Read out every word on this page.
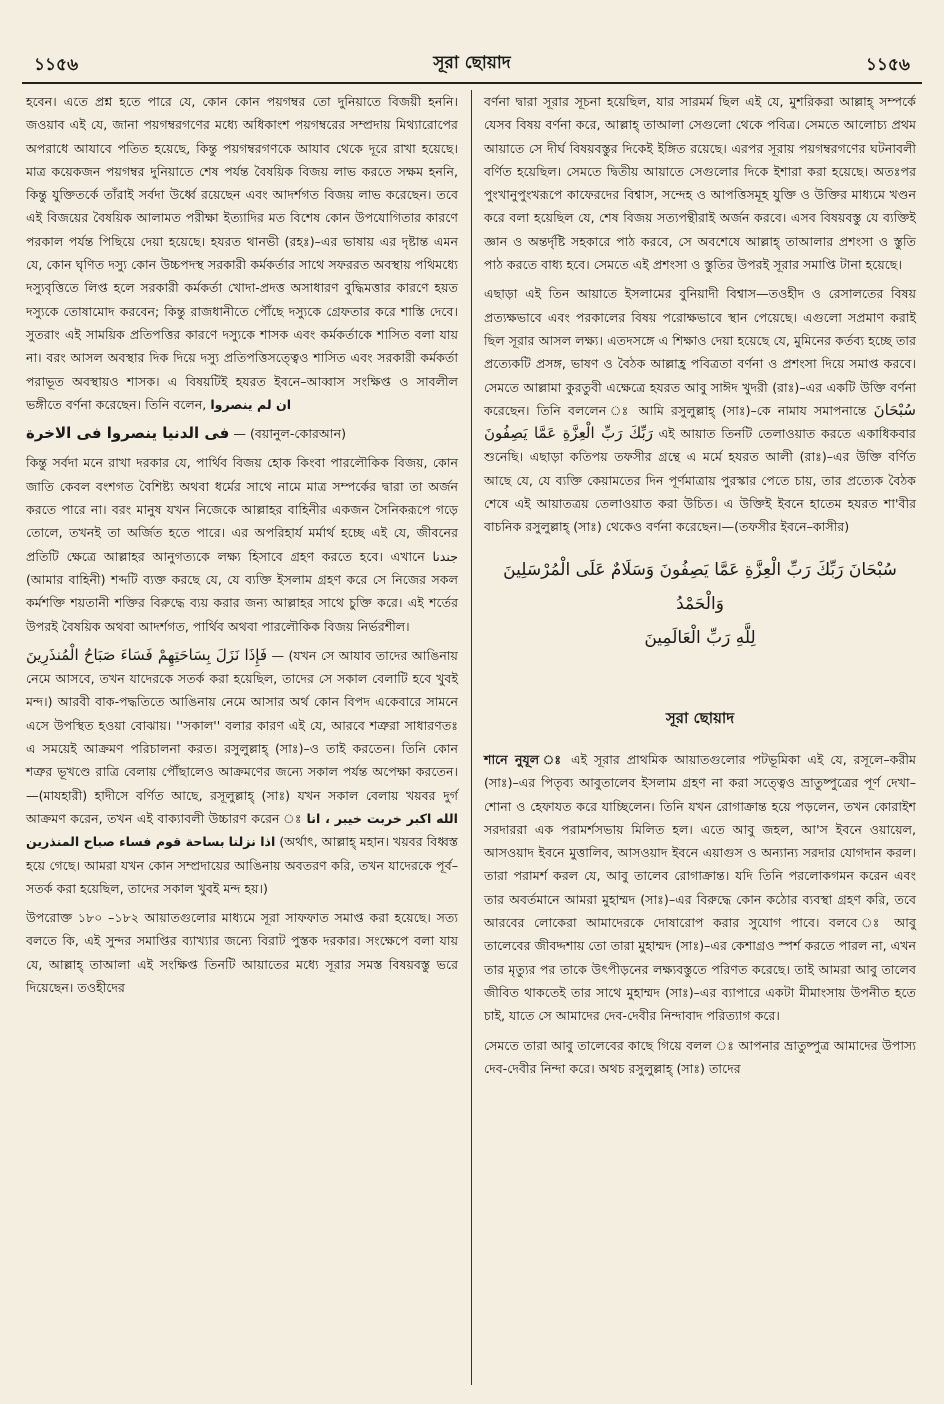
১১৫৬	সূরা ছোয়াদ	১১৫৬

হবেন। এতে প্রশ্ন হতে পারে যে, কোন কোন পয়গম্বর তো দুনিয়াতে বিজয়ী হননি। জওয়াব এই যে, জানা পয়গম্বরগণের মধ্যে অধিকাংশ পয়গম্বরের সম্প্রদায় মিথ্যারোপের অপরাধে আযাবে পতিত হয়েছে, কিন্তু পয়গম্বরগণকে আযাব থেকে দূরে রাখা হয়েছে। মাত্র কয়েকজন পয়গম্বর দুনিয়াতে শেষ পর্যন্ত বৈষয়িক বিজয় লাভ করতে সক্ষম হননি, কিন্তু যুক্তিতর্কে তাঁরাই সর্বদা উর্ধ্বে রয়েছেন এবং আদর্শগত বিজয় লাভ করেছেন। তবে এই বিজয়ের বৈষয়িক আলামত পরীক্ষা ইত্যাদির মত বিশেষ কোন উপযোগিতার কারণে পরকাল পর্যন্ত পিছিয়ে দেয়া হয়েছে। হযরত থানভী (রহঃ)–এর ভাষায় এর দৃষ্টান্ত এমন যে, কোন ঘৃণিত দস্যু কোন উচ্চপদস্থ সরকারী কর্মকর্তার সাথে সফররত অবস্থায় পথিমধ্যে দস্যুবৃত্তিতে লিপ্ত হলে সরকারী কর্মকর্তা খোদা-প্রদত্ত অসাধারণ বুদ্ধিমত্তার কারণে হয়ত দস্যুকে তোষামোদ করবেন; কিন্তু রাজধানীতে পৌঁছে দস্যুকে গ্রেফতার করে শাস্তি দেবে। সুতরাং এই সাময়িক প্রতিপত্তির কারণে দস্যুকে শাসক এবং কর্মকর্তাকে শাসিত বলা যায় না। বরং আসল অবস্থার দিক দিয়ে দস্যু প্রতিপত্তিসত্ত্বেও শাসিত এবং সরকারী কর্মকর্তা পরাভূত অবস্থায়ও শাসক। এ বিষয়টিই হযরত ইবনে–আব্বাস সংক্ষিপ্ত ও সাবলীল ভঙ্গীতে বর্ণনা করেছেন। তিনি বলেন, ان لم ينصروا

فى الدنيا ينصروا فى الاخرة — (বয়ানুল-কোরআন)

কিন্তু সর্বদা মনে রাখা দরকার যে, পার্থিব বিজয় হোক কিংবা পারলৌকিক বিজয়, কোন জাতি কেবল বংশগত বৈশিষ্ট্য অথবা ধর্মের সাথে নামে মাত্র সম্পর্কের দ্বারা তা অর্জন করতে পারে না। বরং মানুষ যখন নিজেকে আল্লাহর বাহিনীর একজন সৈনিকরূপে গড়ে তোলে, তখনই তা অর্জিত হতে পারে। এর অপরিহার্য মর্মার্থ হচ্ছে এই যে, জীবনের প্রতিটি ক্ষেত্রে আল্লাহর আনুগত্যকে লক্ষ্য হিসাবে গ্রহণ করতে হবে। এখানে جندنا (আমার বাহিনী) শব্দটি ব্যক্ত করছে যে, যে ব্যক্তি ইসলাম গ্রহণ করে সে নিজের সকল কর্মশক্তি শয়তানী শক্তির বিরুদ্ধে ব্যয় করার জন্য আল্লাহর সাথে চুক্তি করে। এই শর্তের উপরই বৈষয়িক অথবা আদর্শগত, পার্থিব অথবা পারলৌকিক বিজয় নির্ভরশীল।

فَإِذَا نَزَلَ بِسَاحَتِهِمْ فَسَاءَ صَبَاحُ الْمُنذَرِينَ — (যখন সে আযাব তাদের আঙিনায় নেমে আসবে, তখন যাদেরকে সতর্ক করা হয়েছিল, তাদের সে সকাল বেলাটি হবে খুবই মন্দ।) আরবী বাক-পদ্ধতিতে আঙিনায় নেমে আসার অর্থ কোন বিপদ একেবারে সামনে এসে উপস্থিত হওয়া বোঝায়। ''সকাল'' বলার কারণ এই যে, আরবে শত্রুরা সাধারণতঃ এ সময়েই আক্রমণ পরিচালনা করত। রসুলুল্লাহ্ (সাঃ)–ও তাই করতেন। তিনি কোন শত্রুর ভূখণ্ডে রাত্রি বেলায় পৌঁছালেও আক্রমণের জন্যে সকাল পর্যন্ত অপেক্ষা করতেন।—(মাযহারী) হাদীসে বর্ণিত আছে, রসূলুল্লাহ্ (সাঃ) যখন সকাল বেলায় খয়বর দুর্গ আক্রমণ করেন, তখন এই বাক্যাবলী উচ্চারণ করেন ঃ الله اكبر خربت خيبر ، انا اذا نزلنا بساحة قوم فساء صباح المنذرين	(অর্থাৎ, আল্লাহ্ মহান। খয়বর বিধ্বস্ত হয়ে গেছে। আমরা যখন কোন সম্প্রদায়ের আঙিনায় অবতরণ করি, তখন যাদেরকে পূর্ব–সতর্ক করা হয়েছিল, তাদের সকাল খুবই মন্দ হয়।)

উপরোক্ত ১৮০ –১৮২ আয়াতগুলোর মাধ্যমে সূরা সাফফাত সমাপ্ত করা হয়েছে। সত্য বলতে কি, এই সুন্দর সমাপ্তির ব্যাখ্যার জন্যে বিরাট পুস্তক দরকার। সংক্ষেপে বলা যায় যে, আল্লাহ্ তাআলা এই সংক্ষিপ্ত তিনটি আয়াতের মধ্যে সূরার সমস্ত বিষয়বস্তু ভরে দিয়েছেন। তওহীদের

বর্ণনা দ্বারা সূরার সূচনা হয়েছিল, যার সারমর্ম ছিল এই যে, মুশরিকরা আল্লাহ্ সম্পর্কে যেসব বিষয় বর্ণনা করে, আল্লাহ্ তাআলা সেগুলো থেকে পবিত্র। সেমতে আলোচ্য প্রথম আয়াতে সে দীর্ঘ বিষয়বস্তুর দিকেই ইঙ্গিত রয়েছে। এরপর সূরায় পয়গম্বরগণের ঘটনাবলী বর্ণিত হয়েছিল। সেমতে দ্বিতীয় আয়াতে সেগুলোর দিকে ইশারা করা হয়েছে। অতঃপর পুংখানুপুংখরূপে কাফেরদের বিশ্বাস, সন্দেহ ও আপত্তিসমূহ যুক্তি ও উক্তির মাধ্যমে খণ্ডন করে বলা হয়েছিল যে, শেষ বিজয় সত্যপন্থীরাই অর্জন করবে। এসব বিষয়বস্তু যে ব্যক্তিই জ্ঞান ও অন্তর্দৃষ্টি সহকারে পাঠ করবে, সে অবশেষে আল্লাহ্ তাআলার প্রশংসা ও স্তুতি পাঠ করতে বাধ্য হবে। সেমতে এই প্রশংসা ও স্তুতির উপরই সূরার সমাপ্তি টানা হয়েছে।

এছাড়া এই তিন আয়াতে ইসলামের বুনিয়াদী বিশ্বাস—তওহীদ ও রেসালতের বিষয় প্রত্যক্ষভাবে এবং পরকালের বিষয় পরোক্ষভাবে স্থান পেয়েছে। এগুলো সপ্রমাণ করাই ছিল সূরার আসল লক্ষ্য। এতদসঙ্গে এ শিক্ষাও দেয়া হয়েছে যে, মুমিনের কর্তব্য হচ্ছে তার প্রত্যেকটি প্রসঙ্গ, ভাষণ ও বৈঠক আল্লাহ্র পবিত্রতা বর্ণনা ও প্রশংসা দিয়ে সমাপ্ত করবে। সেমতে আল্লামা কুরতুবী এক্ষেত্রে হযরত আবু সাঈদ খুদরী (রাঃ)–এর একটি উক্তি বর্ণনা করেছেন। তিনি বললেন ঃ আমি রসুলুল্লাহ্ (সাঃ)–কে নামায সমাপনান্তে سُبْحَانَ رَبِّكَ رَبِّ الْعِزَّةِ عَمَّا يَصِفُونَ এই আয়াত তিনটি তেলাওয়াত করতে একাধিকবার শুনেছি। এছাড়া কতিপয় তফসীর গ্রন্থে এ মর্মে হযরত আলী (রাঃ)–এর উক্তি বর্ণিত আছে যে, যে ব্যক্তি কেয়ামতের দিন পূর্ণমাত্রায় পুরস্কার পেতে চায়, তার প্রত্যেক বৈঠক শেষে এই আয়াতত্রয় তেলাওয়াত করা উচিত। এ উক্তিই ইবনে হাতেম হযরত শা'বীর বাচনিক রসুলুল্লাহ্ (সাঃ) থেকেও বর্ণনা করেছেন।—(তফসীর ইবনে–কাসীর)

سُبْحَانَ رَبِّكَ رَبِّ الْعِزَّةِ عَمَّا يَصِفُونَ وَسَلَامٌ عَلَى الْمُرْسَلِينَ وَالْحَمْدُ
لِلَّهِ رَبِّ الْعَالَمِينَ
সূরা ছোয়াদ

শানে নুযূল ঃ এই সূরার প্রাথমিক আয়াতগুলোর পটভূমিকা এই যে, রসূলে–করীম (সাঃ)–এর পিতৃব্য আবুতালেব ইসলাম গ্রহণ না করা সত্ত্বেও ভ্রাতুষ্পুত্রের পূর্ণ দেখা–শোনা ও হেফাযত করে যাচ্ছিলেন। তিনি যখন রোগাক্রান্ত হয়ে পড়লেন, তখন কোরাইশ সরদাররা এক পরামর্শসভায় মিলিত হল। এতে আবু জহল, আ'স ইবনে ওয়ায়েল, আসওয়াদ ইবনে মুত্তালিব, আসওয়াদ ইবনে এয়াগুস ও অন্যান্য সরদার যোগদান করল। তারা পরামর্শ করল যে, আবু তালেব রোগাক্রান্ত। যদি তিনি পরলোকগমন করেন এবং তার অবর্তমানে আমরা মুহাম্মদ (সাঃ)–এর বিরুদ্ধে কোন কঠোর ব্যবস্থা গ্রহণ করি, তবে আরবের লোকেরা আমাদেরকে দোষারোপ করার সুযোগ পাবে। বলবে ঃ আবু তালেবের জীবদ্দশায় তো তারা মুহাম্মদ (সাঃ)–এর কেশাগ্রও স্পর্শ করতে পারল না, এখন তার মৃত্যুর পর তাকে উৎপীড়নের লক্ষ্যবস্তুতে পরিণত করেছে। তাই আমরা আবু তালেব জীবিত থাকতেই তার সাথে মুহাম্মদ (সাঃ)–এর ব্যাপারে একটা মীমাংসায় উপনীত হতে চাই, যাতে সে আমাদের দেব-দেবীর নিন্দাবাদ পরিত্যাগ করে।

সেমতে তারা আবু তালেবের কাছে গিয়ে বলল ঃ আপনার ভ্রাতুষ্পুত্র আমাদের উপাস্য দেব-দেবীর নিন্দা করে। অথচ রসুলুল্লাহ্ (সাঃ) তাদের
